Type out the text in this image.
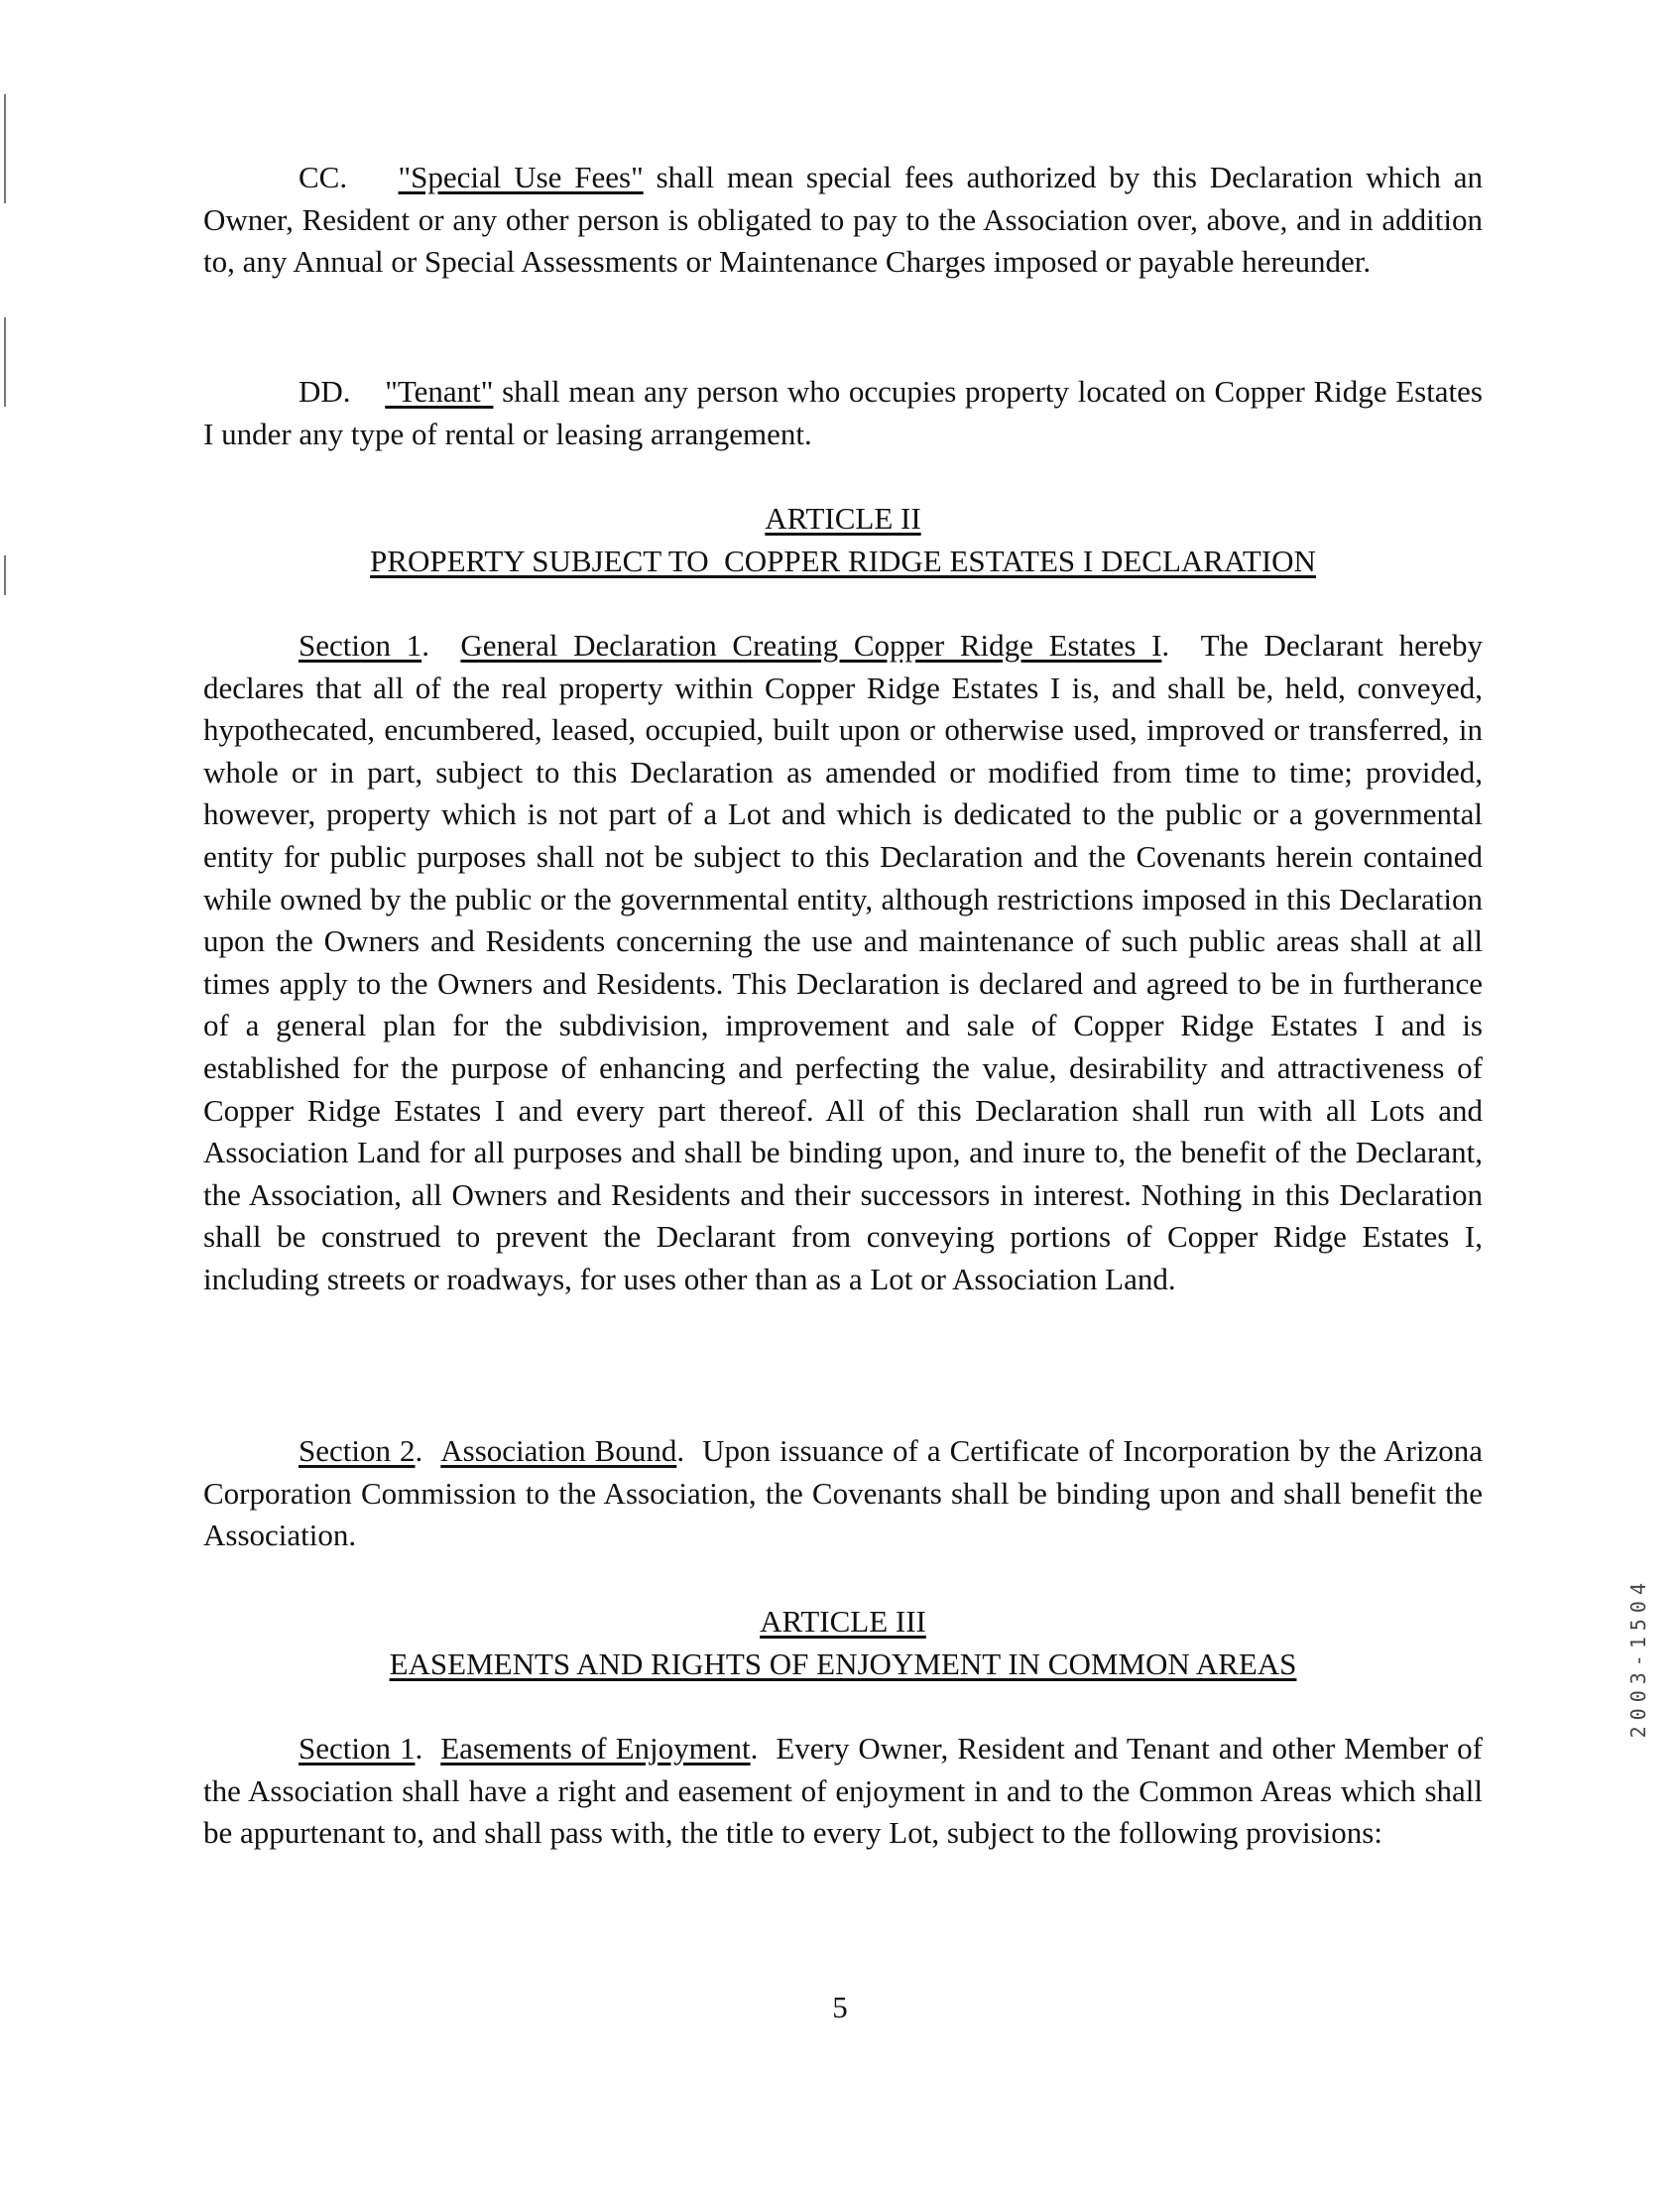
CC. "Special Use Fees" shall mean special fees authorized by this Declaration which an Owner, Resident or any other person is obligated to pay to the Association over, above, and in addition to, any Annual or Special Assessments or Maintenance Charges imposed or payable hereunder.

DD. "Tenant" shall mean any person who occupies property located on Copper Ridge Estates I under any type of rental or leasing arrangement.

ARTICLE II
PROPERTY SUBJECT TO  COPPER RIDGE ESTATES I DECLARATION

Section 1.  General Declaration Creating Copper Ridge Estates I.  The Declarant hereby declares that all of the real property within Copper Ridge Estates I is, and shall be, held, conveyed, hypothecated, encumbered, leased, occupied, built upon or otherwise used, improved or transferred, in whole or in part, subject to this Declaration as amended or modified from time to time; provided, however, property which is not part of a Lot and which is dedicated to the public or a governmental entity for public purposes shall not be subject to this Declaration and the Covenants herein contained while owned by the public or the governmental entity, although restrictions imposed in this Declaration upon the Owners and Residents concerning the use and maintenance of such public areas shall at all times apply to the Owners and Residents. This Declaration is declared and agreed to be in furtherance of a general plan for the subdivision, improvement and sale of Copper Ridge Estates I and is established for the purpose of enhancing and perfecting the value, desirability and attractiveness of Copper Ridge Estates I and every part thereof. All of this Declaration shall run with all Lots and Association Land for all purposes and shall be binding upon, and inure to, the benefit of the Declarant, the Association, all Owners and Residents and their successors in interest. Nothing in this Declaration shall be construed to prevent the Declarant from conveying portions of Copper Ridge Estates I, including streets or roadways, for uses other than as a Lot or Association Land.

Section 2.  Association Bound.  Upon issuance of a Certificate of Incorporation by the Arizona Corporation Commission to the Association, the Covenants shall be binding upon and shall benefit the Association.

ARTICLE III
EASEMENTS AND RIGHTS OF ENJOYMENT IN COMMON AREAS

Section 1.  Easements of Enjoyment.  Every Owner, Resident and Tenant and other Member of the Association shall have a right and easement of enjoyment in and to the Common Areas which shall be appurtenant to, and shall pass with, the title to every Lot, subject to the following provisions:

5
2003-1504
